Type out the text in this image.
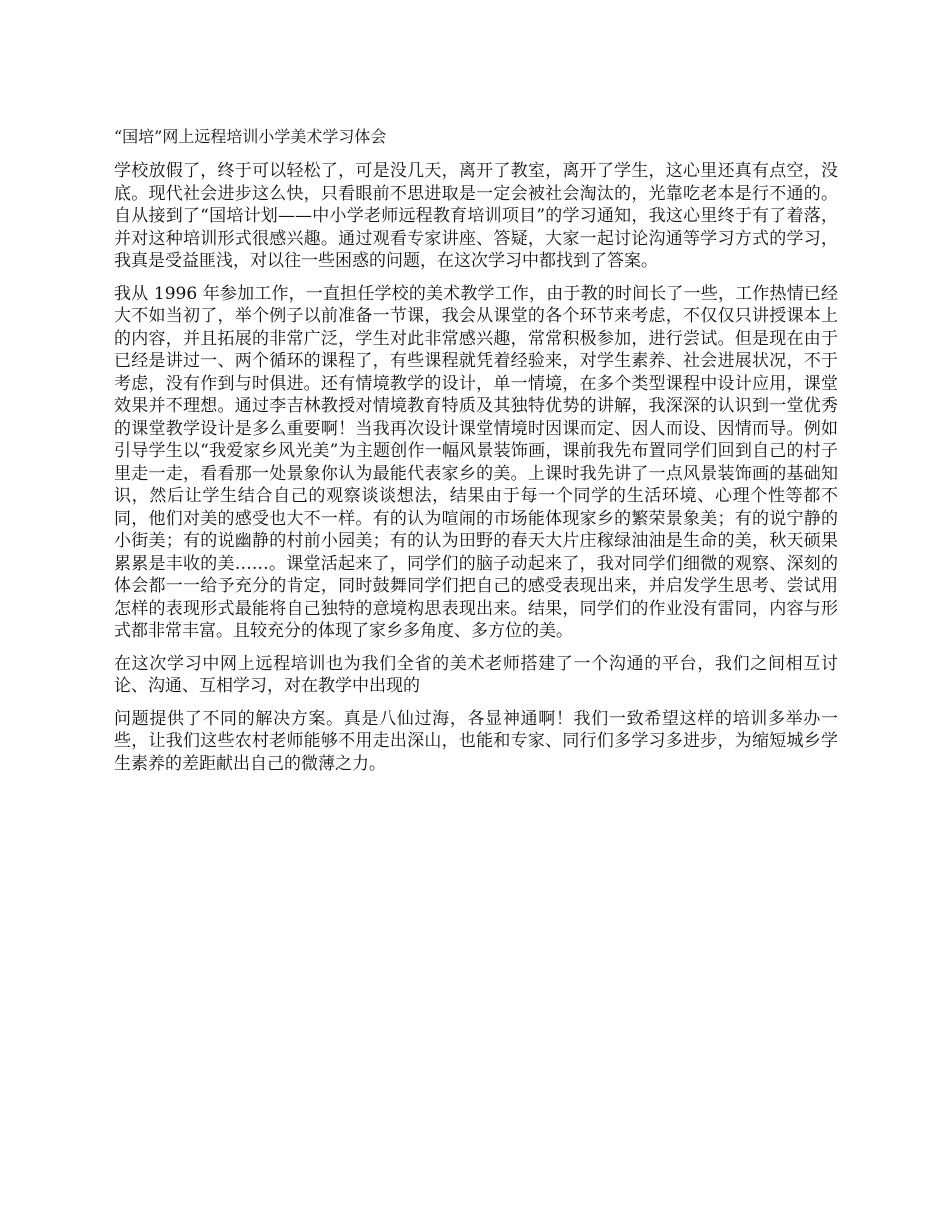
“国培”网上远程培训小学美术学习体会

学校放假了，终于可以轻松了，可是没几天，离开了教室，离开了学生，这心里还真有点空，没底。现代社会进步这么快，只看眼前不思进取是一定会被社会淘汰的，光靠吃老本是行不通的。自从接到了“国培计划——中小学老师远程教育培训项目”的学习通知，我这心里终于有了着落，并对这种培训形式很感兴趣。通过观看专家讲座、答疑，大家一起讨论沟通等学习方式的学习，我真是受益匪浅，对以往一些困惑的问题，在这次学习中都找到了答案。

我从 1996 年参加工作，一直担任学校的美术教学工作，由于教的时间长了一些，工作热情已经大不如当初了，举个例子以前准备一节课，我会从课堂的各个环节来考虑，不仅仅只讲授课本上的内容，并且拓展的非常广泛，学生对此非常感兴趣，常常积极参加，进行尝试。但是现在由于已经是讲过一、两个循环的课程了，有些课程就凭着经验来，对学生素养、社会进展状况，不于考虑，没有作到与时俱进。还有情境教学的设计，单一情境，在多个类型课程中设计应用，课堂效果并不理想。通过李吉林教授对情境教育特质及其独特优势的讲解，我深深的认识到一堂优秀的课堂教学设计是多么重要啊！当我再次设计课堂情境时因课而定、因人而设、因情而导。例如引导学生以“我爱家乡风光美”为主题创作一幅风景装饰画，课前我先布置同学们回到自己的村子里走一走，看看那一处景象你认为最能代表家乡的美。上课时我先讲了一点风景装饰画的基础知识，然后让学生结合自己的观察谈谈想法，结果由于每一个同学的生活环境、心理个性等都不同，他们对美的感受也大不一样。有的认为喧闹的市场能体现家乡的繁荣景象美；有的说宁静的小街美；有的说幽静的村前小园美；有的认为田野的春天大片庄稼绿油油是生命的美，秋天硕果累累是丰收的美……。课堂活起来了，同学们的脑子动起来了，我对同学们细微的观察、深刻的体会都一一给予充分的肯定，同时鼓舞同学们把自己的感受表现出来，并启发学生思考、尝试用怎样的表现形式最能将自己独特的意境构思表现出来。结果，同学们的作业没有雷同，内容与形式都非常丰富。且较充分的体现了家乡多角度、多方位的美。

在这次学习中网上远程培训也为我们全省的美术老师搭建了一个沟通的平台，我们之间相互讨论、沟通、互相学习，对在教学中出现的

问题提供了不同的解决方案。真是八仙过海，各显神通啊！我们一致希望这样的培训多举办一些，让我们这些农村老师能够不用走出深山，也能和专家、同行们多学习多进步，为缩短城乡学生素养的差距献出自己的微薄之力。
